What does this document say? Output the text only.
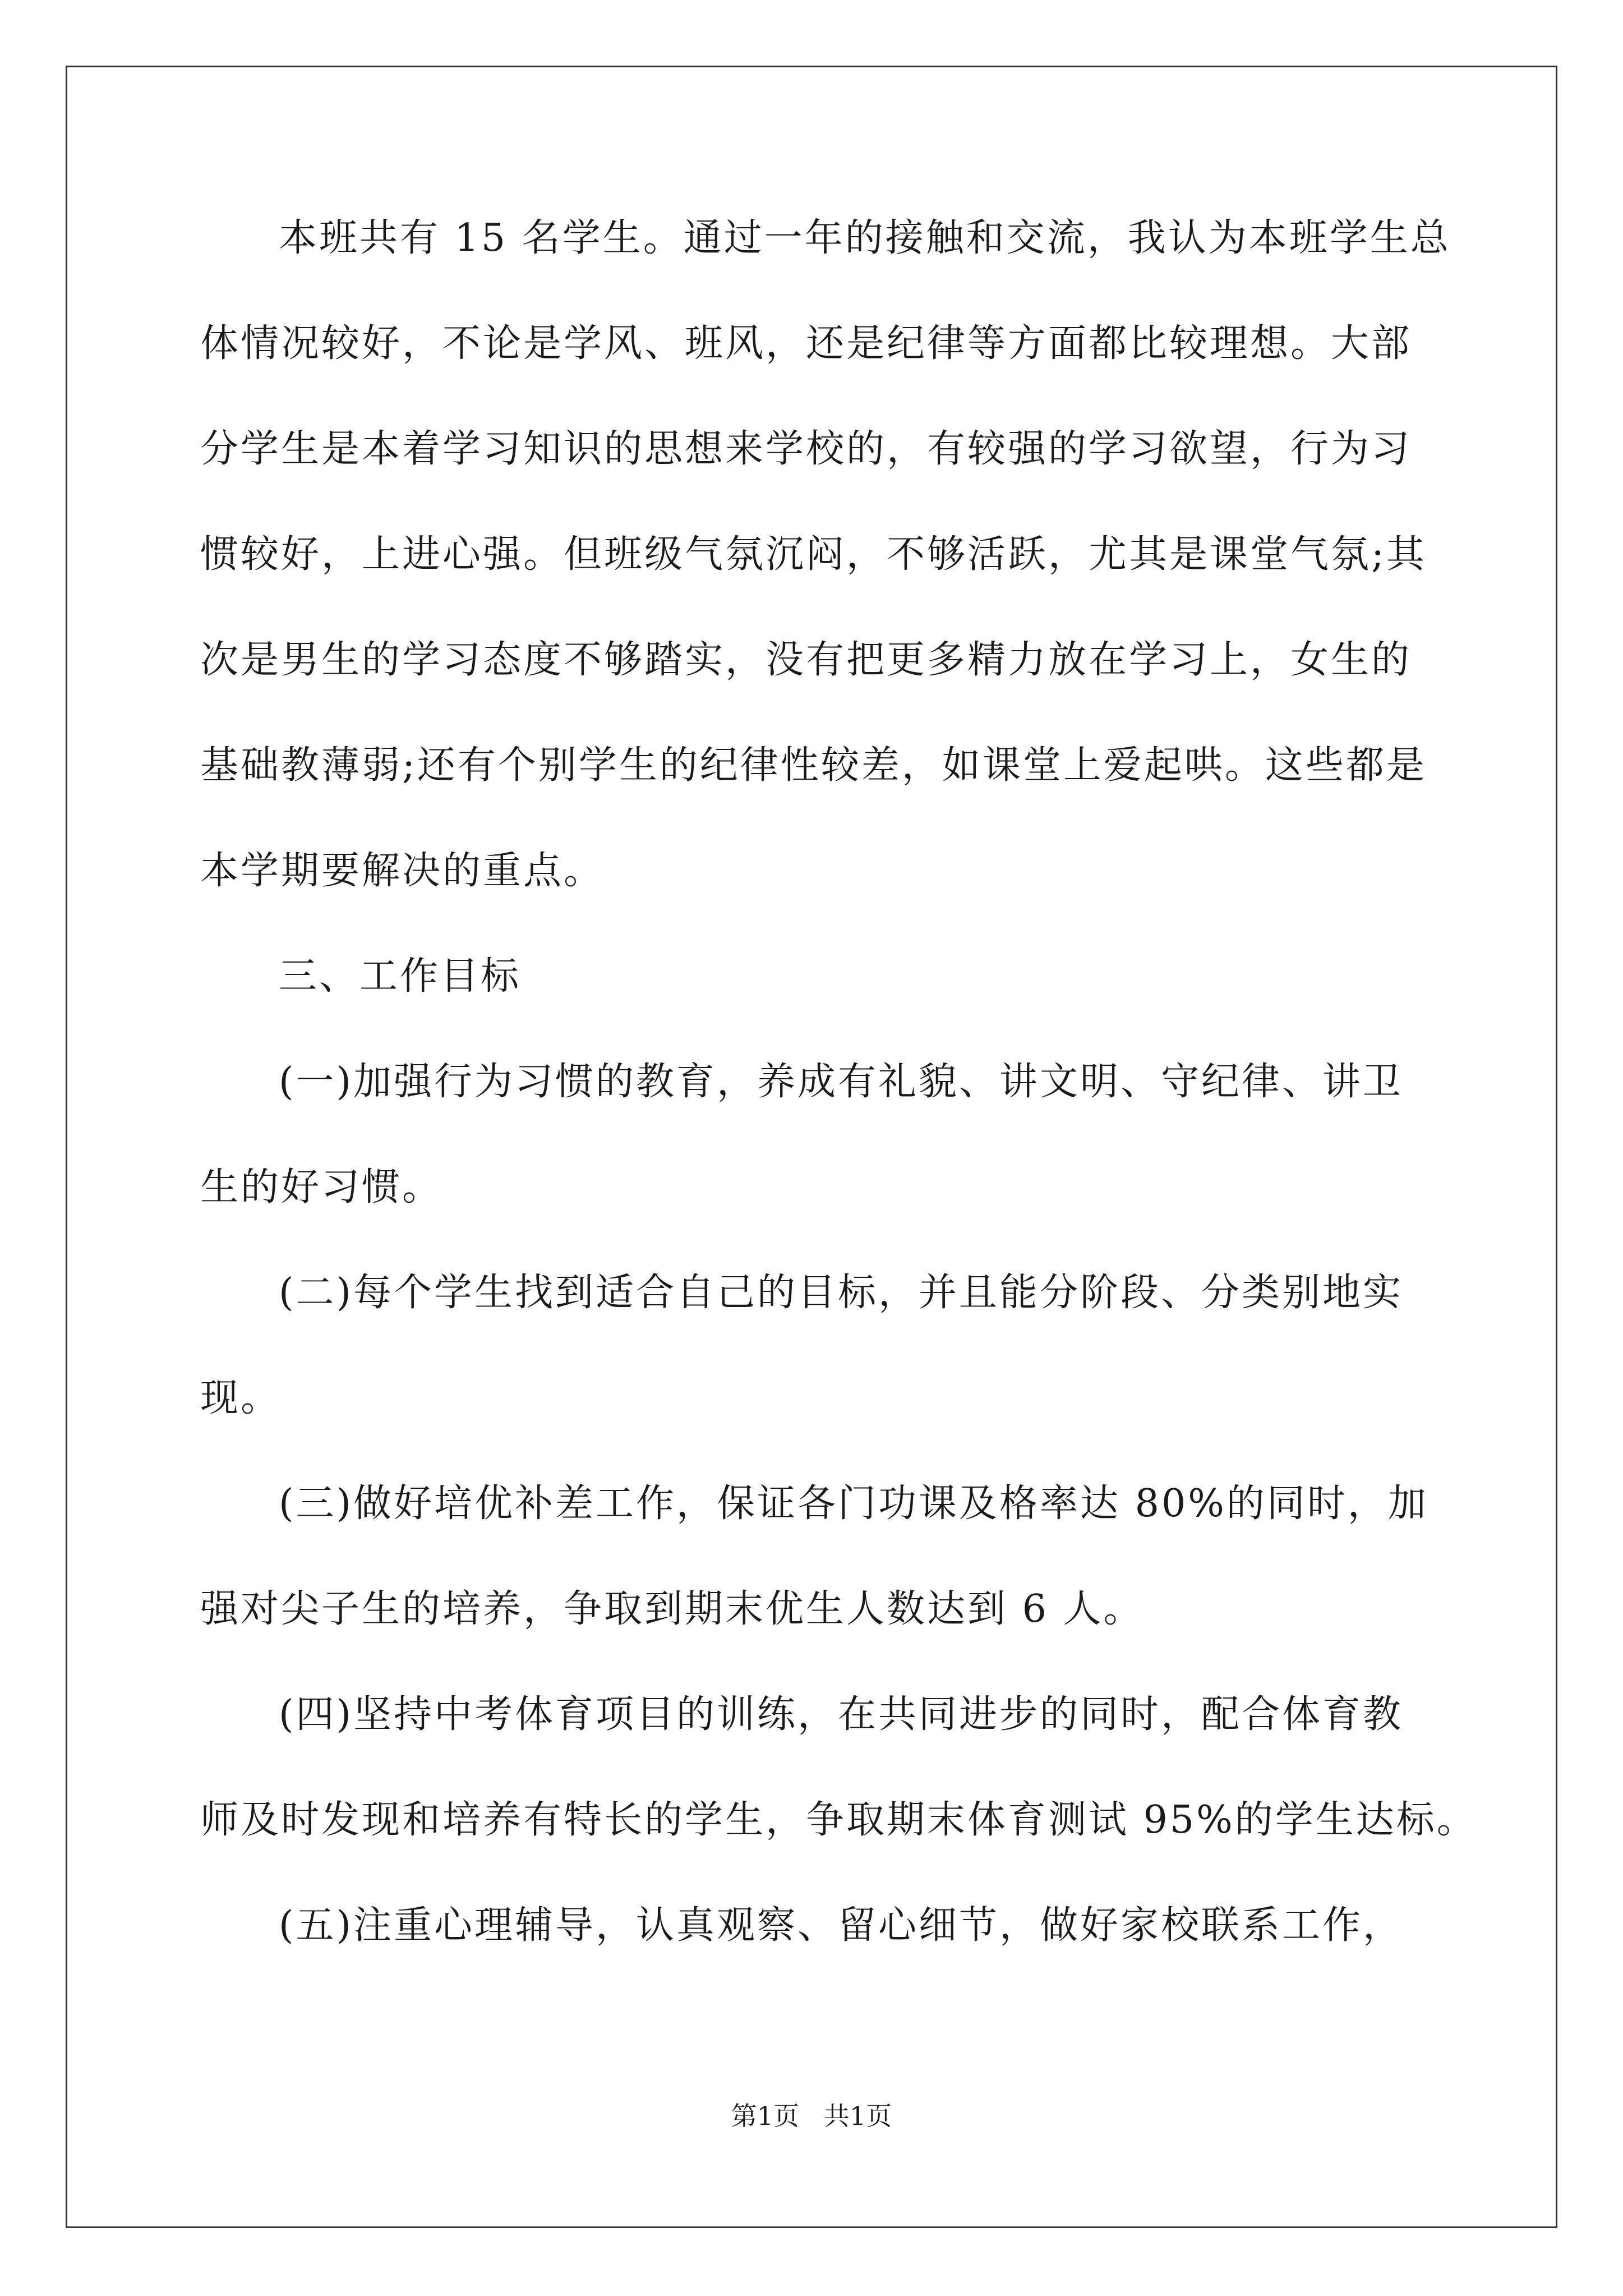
本班共有 15 名学生。通过一年的接触和交流，我认为本班学生总
体情况较好，不论是学风、班风，还是纪律等方面都比较理想。大部
分学生是本着学习知识的思想来学校的，有较强的学习欲望，行为习
惯较好，上进心强。但班级气氛沉闷，不够活跃，尤其是课堂气氛;其
次是男生的学习态度不够踏实，没有把更多精力放在学习上，女生的
基础教薄弱;还有个别学生的纪律性较差，如课堂上爱起哄。这些都是
本学期要解决的重点。
三、工作目标
(一)加强行为习惯的教育，养成有礼貌、讲文明、守纪律、讲卫
生的好习惯。
(二)每个学生找到适合自己的目标，并且能分阶段、分类别地实
现。
(三)做好培优补差工作，保证各门功课及格率达 80%的同时，加
强对尖子生的培养，争取到期末优生人数达到 6 人。
(四)坚持中考体育项目的训练，在共同进步的同时，配合体育教
师及时发现和培养有特长的学生，争取期末体育测试 95%的学生达标。
(五)注重心理辅导，认真观察、留心细节，做好家校联系工作，
第1页   共1页
